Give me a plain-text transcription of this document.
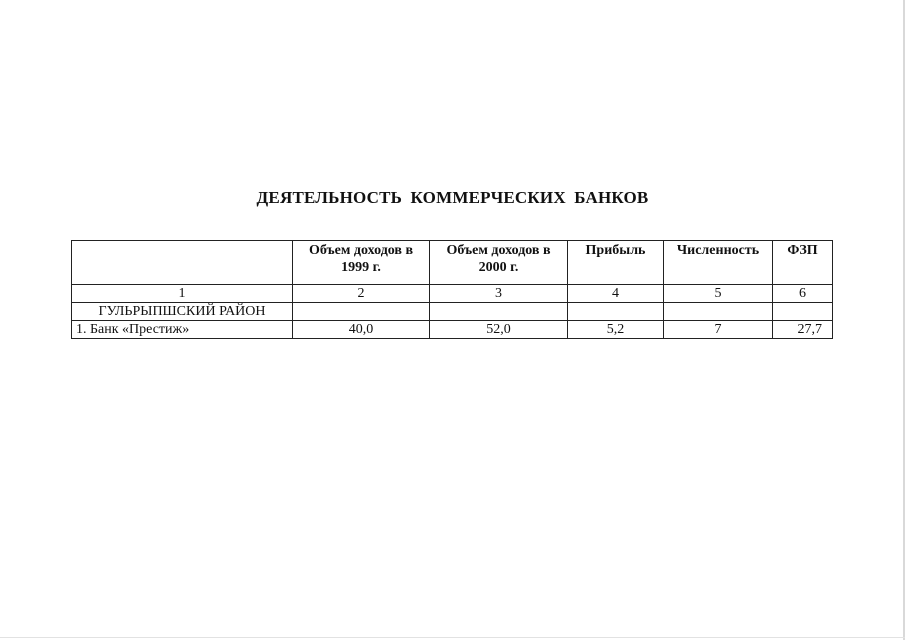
ДЕЯТЕЛЬНОСТЬ КОММЕРЧЕСКИХ БАНКОВ
	Объем доходов в 1999 г.	Объем доходов в 2000 г.	Прибыль	Численность	ФЗП
1	2	3	4	5	6
ГУЛЬРЫПШСКИЙ РАЙОН					
1. Банк «Престиж»	40,0	52,0	5,2	7	27,7
